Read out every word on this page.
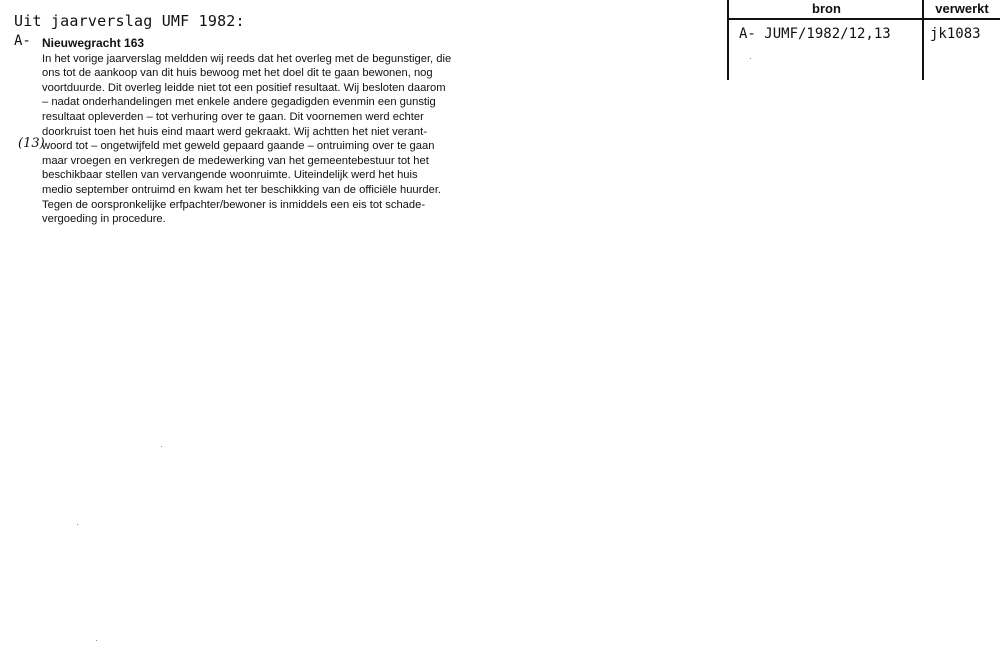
Uit jaarverslag UMF 1982:
A-
(13)
Nieuwegracht 163
In het vorige jaarverslag meldden wij reeds dat het overleg met de begunstiger, die
ons tot de aankoop van dit huis bewoog met het doel dit te gaan bewonen, nog
voortduurde. Dit overleg leidde niet tot een positief resultaat. Wij besloten daarom
– nadat onderhandelingen met enkele andere gegadigden evenmin een gunstig
resultaat opleverden – tot verhuring over te gaan. Dit voornemen werd echter
doorkruist toen het huis eind maart werd gekraakt. Wij achtten het niet verant-
woord tot – ongetwijfeld met geweld gepaard gaande – ontruiming over te gaan
maar vroegen en verkregen de medewerking van het gemeentebestuur tot het
beschikbaar stellen van vervangende woonruimte. Uiteindelijk werd het huis
medio september ontruimd en kwam het ter beschikking van de officiële huurder.
Tegen de oorspronkelijke erfpachter/bewoner is inmiddels een eis tot schade-
vergoeding in procedure.
bron
A- JUMF/1982/12,13
verwerkt
jk1083
